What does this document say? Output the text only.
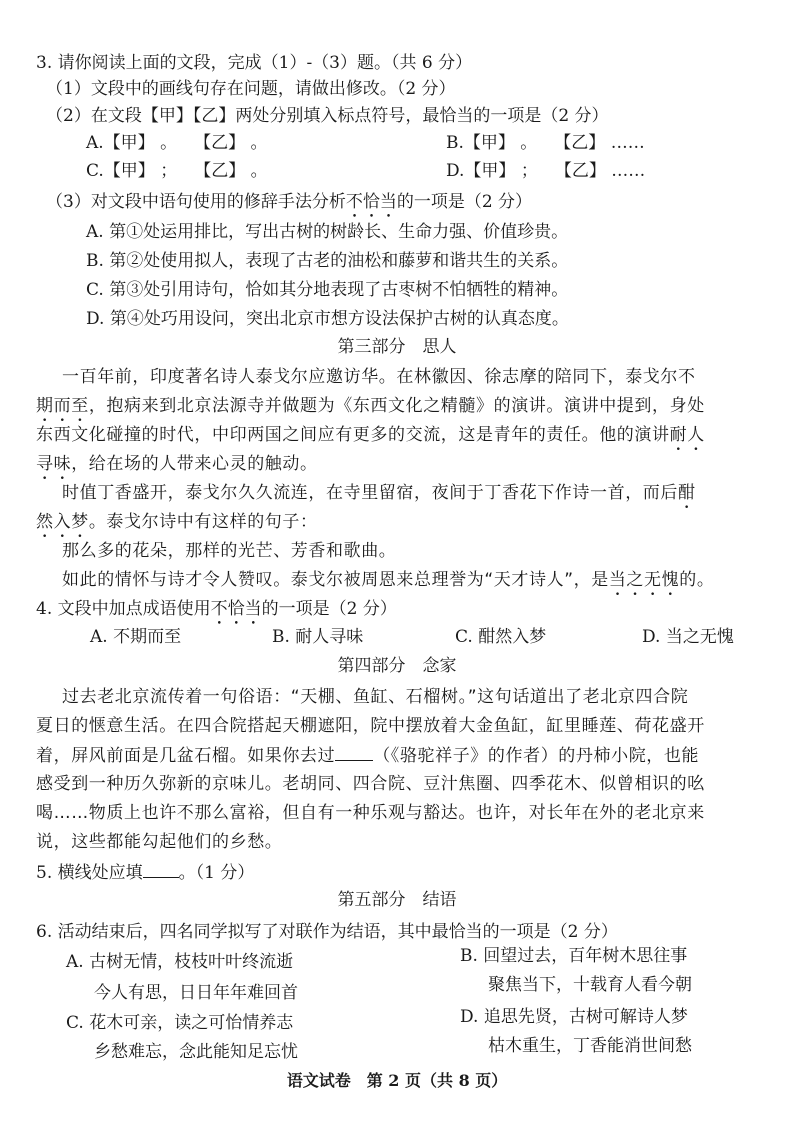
3. 请你阅读上面的文段，完成（1）-（3）题。（共 6 分）
（1）文段中的画线句存在问题，请做出修改。（2 分）
（2）在文段【甲】【乙】两处分别填入标点符号，最恰当的一项是（2 分）
A.【甲】 。　　【乙】 。	B.【甲】 。　　【乙】 ……
C.【甲】 ；　　【乙】 。	D.【甲】 ；　　【乙】 ……
（3）对文段中语句使用的修辞手法分析不恰当的一项是（2 分）
A. 第①处运用排比，写出古树的树龄长、生命力强、价值珍贵。
B. 第②处使用拟人，表现了古老的油松和藤萝和谐共生的关系。
C. 第③处引用诗句，恰如其分地表现了古枣树不怕牺牲的精神。
D. 第④处巧用设问，突出北京市想方设法保护古树的认真态度。
第三部分　思人
一百年前，印度著名诗人泰戈尔应邀访华。在林徽因、徐志摩的陪同下，泰戈尔不
期而至，抱病来到北京法源寺并做题为《东西文化之精髓》的演讲。演讲中提到，身处
东西文化碰撞的时代，中印两国之间应有更多的交流，这是青年的责任。他的演讲耐人
寻味，给在场的人带来心灵的触动。
时值丁香盛开，泰戈尔久久流连，在寺里留宿，夜间于丁香花下作诗一首，而后酣
然入梦。泰戈尔诗中有这样的句子：
那么多的花朵，那样的光芒、芳香和歌曲。
如此的情怀与诗才令人赞叹。泰戈尔被周恩来总理誉为“天才诗人”，是当之无愧的。
4. 文段中加点成语使用不恰当的一项是（2 分）
A. 不期而至	B. 耐人寻味	C. 酣然入梦	D. 当之无愧
第四部分　念家
过去老北京流传着一句俗语：“天棚、鱼缸、石榴树。”这句话道出了老北京四合院
夏日的惬意生活。在四合院搭起天棚遮阳，院中摆放着大金鱼缸，缸里睡莲、荷花盛开
着，屏风前面是几盆石榴。如果你去过 （《骆驼祥子》的作者）的丹柿小院，也能
感受到一种历久弥新的京味儿。老胡同、四合院、豆汁焦圈、四季花木、似曾相识的吆
喝……物质上也许不那么富裕，但自有一种乐观与豁达。也许，对长年在外的老北京来
说，这些都能勾起他们的乡愁。
5. 横线处应填 。（1 分）
第五部分　结语
6. 活动结束后，四名同学拟写了对联作为结语，其中最恰当的一项是（2 分）
A. 古树无情，枝枝叶叶终流逝
今人有思，日日年年难回首
B. 回望过去，百年树木思往事
聚焦当下，十载育人看今朝
C. 花木可亲，读之可怡情养志
乡愁难忘，念此能知足忘忧
D. 追思先贤，古树可解诗人梦
枯木重生，丁香能消世间愁
语文试卷　第 2 页（共 8 页）
